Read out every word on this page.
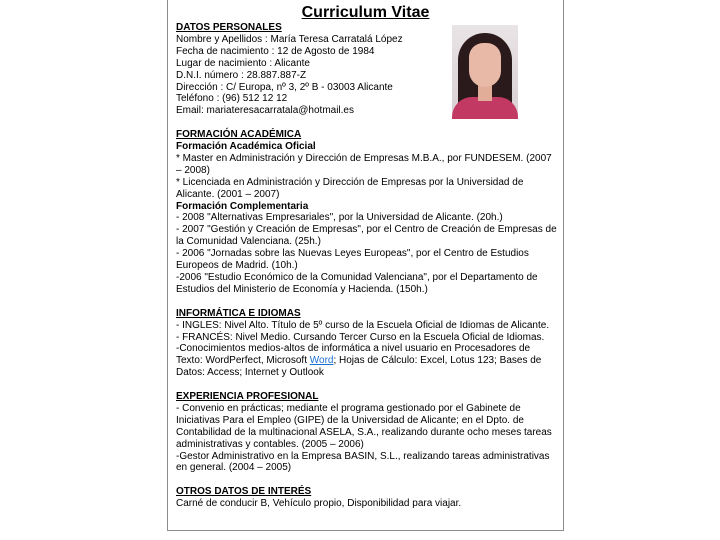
Curriculum Vitae
DATOS PERSONALES
Nombre y Apellidos : María Teresa Carratalá López
Fecha de nacimiento : 12 de Agosto de 1984
Lugar de nacimiento : Alicante
D.N.I. número : 28.887.887-Z
Dirección : C/ Europa, nº 3, 2º B - 03003 Alicante
Teléfono : (96) 512 12 12
Email: mariateresacarratala@hotmail.es
FORMACIÓN ACADÉMICA
Formación Académica Oficial
* Master en Administración y Dirección de Empresas M.B.A., por FUNDESEM. (2007 – 2008)
* Licenciada en Administración y Dirección de Empresas por la Universidad de Alicante. (2001 – 2007)
Formación Complementaria
- 2008 "Alternativas Empresariales", por la Universidad de Alicante. (20h.)
- 2007 "Gestión y Creación de Empresas", por el Centro de Creación de Empresas de la Comunidad Valenciana. (25h.)
- 2006 "Jornadas sobre las Nuevas Leyes Europeas", por el Centro de Estudios Europeos de Madrid. (10h.)
-2006 "Estudio Económico de la Comunidad Valenciana", por el Departamento de Estudios del Ministerio de Economía y Hacienda. (150h.)
INFORMÁTICA E IDIOMAS
- INGLES: Nivel Alto. Título de 5º curso de la Escuela Oficial de Idiomas de Alicante.
- FRANCÉS: Nivel Medio. Cursando Tercer Curso en la Escuela Oficial de Idiomas.
-Conocimientos medios-altos de informática a nivel usuario en Procesadores de Texto: WordPerfect, Microsoft Word; Hojas de Cálculo: Excel, Lotus 123; Bases de Datos: Access; Internet y Outlook
EXPERIENCIA PROFESIONAL
- Convenio en prácticas; mediante el programa gestionado por el Gabinete de Iniciativas Para el Empleo (GIPE) de la Universidad de Alicante; en el Dpto. de Contabilidad de la multinacional ASELA, S.A., realizando durante ocho meses tareas administrativas y contables. (2005 – 2006)
-Gestor Administrativo en la Empresa BASIN, S.L., realizando tareas administrativas en general. (2004 – 2005)
OTROS DATOS DE INTERÉS
Carné de conducir B, Vehículo propio, Disponibilidad para viajar.
